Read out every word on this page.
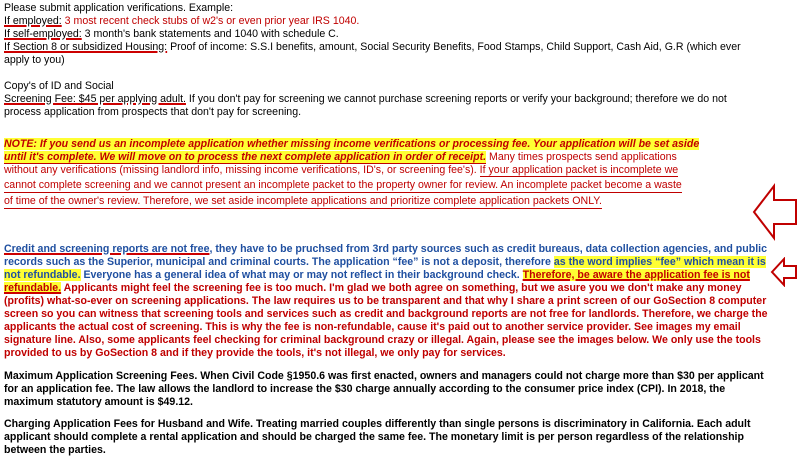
Please submit application verifications. Example:
If employed: 3 most recent check stubs of w2's or even prior year IRS 1040.
If self-employed: 3 month's bank statements and 1040 with schedule C.
If Section 8 or subsidized Housing: Proof of income: S.S.I benefits, amount, Social Security Benefits, Food Stamps, Child Support, Cash Aid, G.R (which ever
apply to you)
Copy's of ID and Social
Screening Fee: $45 per applying adult. If you don't pay for screening we cannot purchase screening reports or verify your background; therefore we do not
process application from prospects that don't pay for screening.
NOTE: If you send us an incomplete application whether missing income verifications or processing fee. Your application will be set aside
until it's complete. We will move on to process the next complete application in order of receipt. Many times prospects send applications
without any verifications (missing landlord info, missing income verifications, ID's, or screening fee's). If your application packet is incomplete we
cannot complete screening and we cannot present an incomplete packet to the property owner for review. An incomplete packet become a waste of time of the owner's review. Therefore, we set aside incomplete applications and prioritize complete application packets ONLY.
Credit and screening reports are not free, they have to be pruchsed from 3rd party sources such as credit bureaus, data collection agencies, and public
records such as the Superior, municipal and criminal courts. The application “fee” is not a deposit, therefore as the word implies “fee” which mean it is
not refundable. Everyone has a general idea of what may or may not reflect in their background check. Therefore, be aware the application fee is not
refundable. Applicants might feel the screening fee is too much. I'm glad we both agree on something, but we asure you we don't make any money
(profits) what-so-ever on screening applications. The law requires us to be transparent and that why I share a print screen of our GoSection 8 computer
screen so you can witness that screening tools and services such as credit and background reports are not free for landlords. Therefore, we charge the
applicants the actual cost of screening. This is why the fee is non-refundable, cause it's paid out to another service provider. See images my email
signature line. Also, some applicants feel checking for criminal background crazy or illegal. Again, please see the images below. We only use the tools
provided to us by GoSection 8 and if they provide the tools, it's not illegal, we only pay for services.
Maximum Application Screening Fees. When Civil Code §1950.6 was first enacted, owners and managers could not charge more than $30 per applicant
for an application fee. The law allows the landlord to increase the $30 charge annually according to the consumer price index (CPI). In 2018, the
maximum statutory amount is $49.12.
Charging Application Fees for Husband and Wife. Treating married couples differently than single persons is discriminatory in California. Each adult
applicant should complete a rental application and should be charged the same fee. The monetary limit is per person regardless of the relationship
between the parties.
